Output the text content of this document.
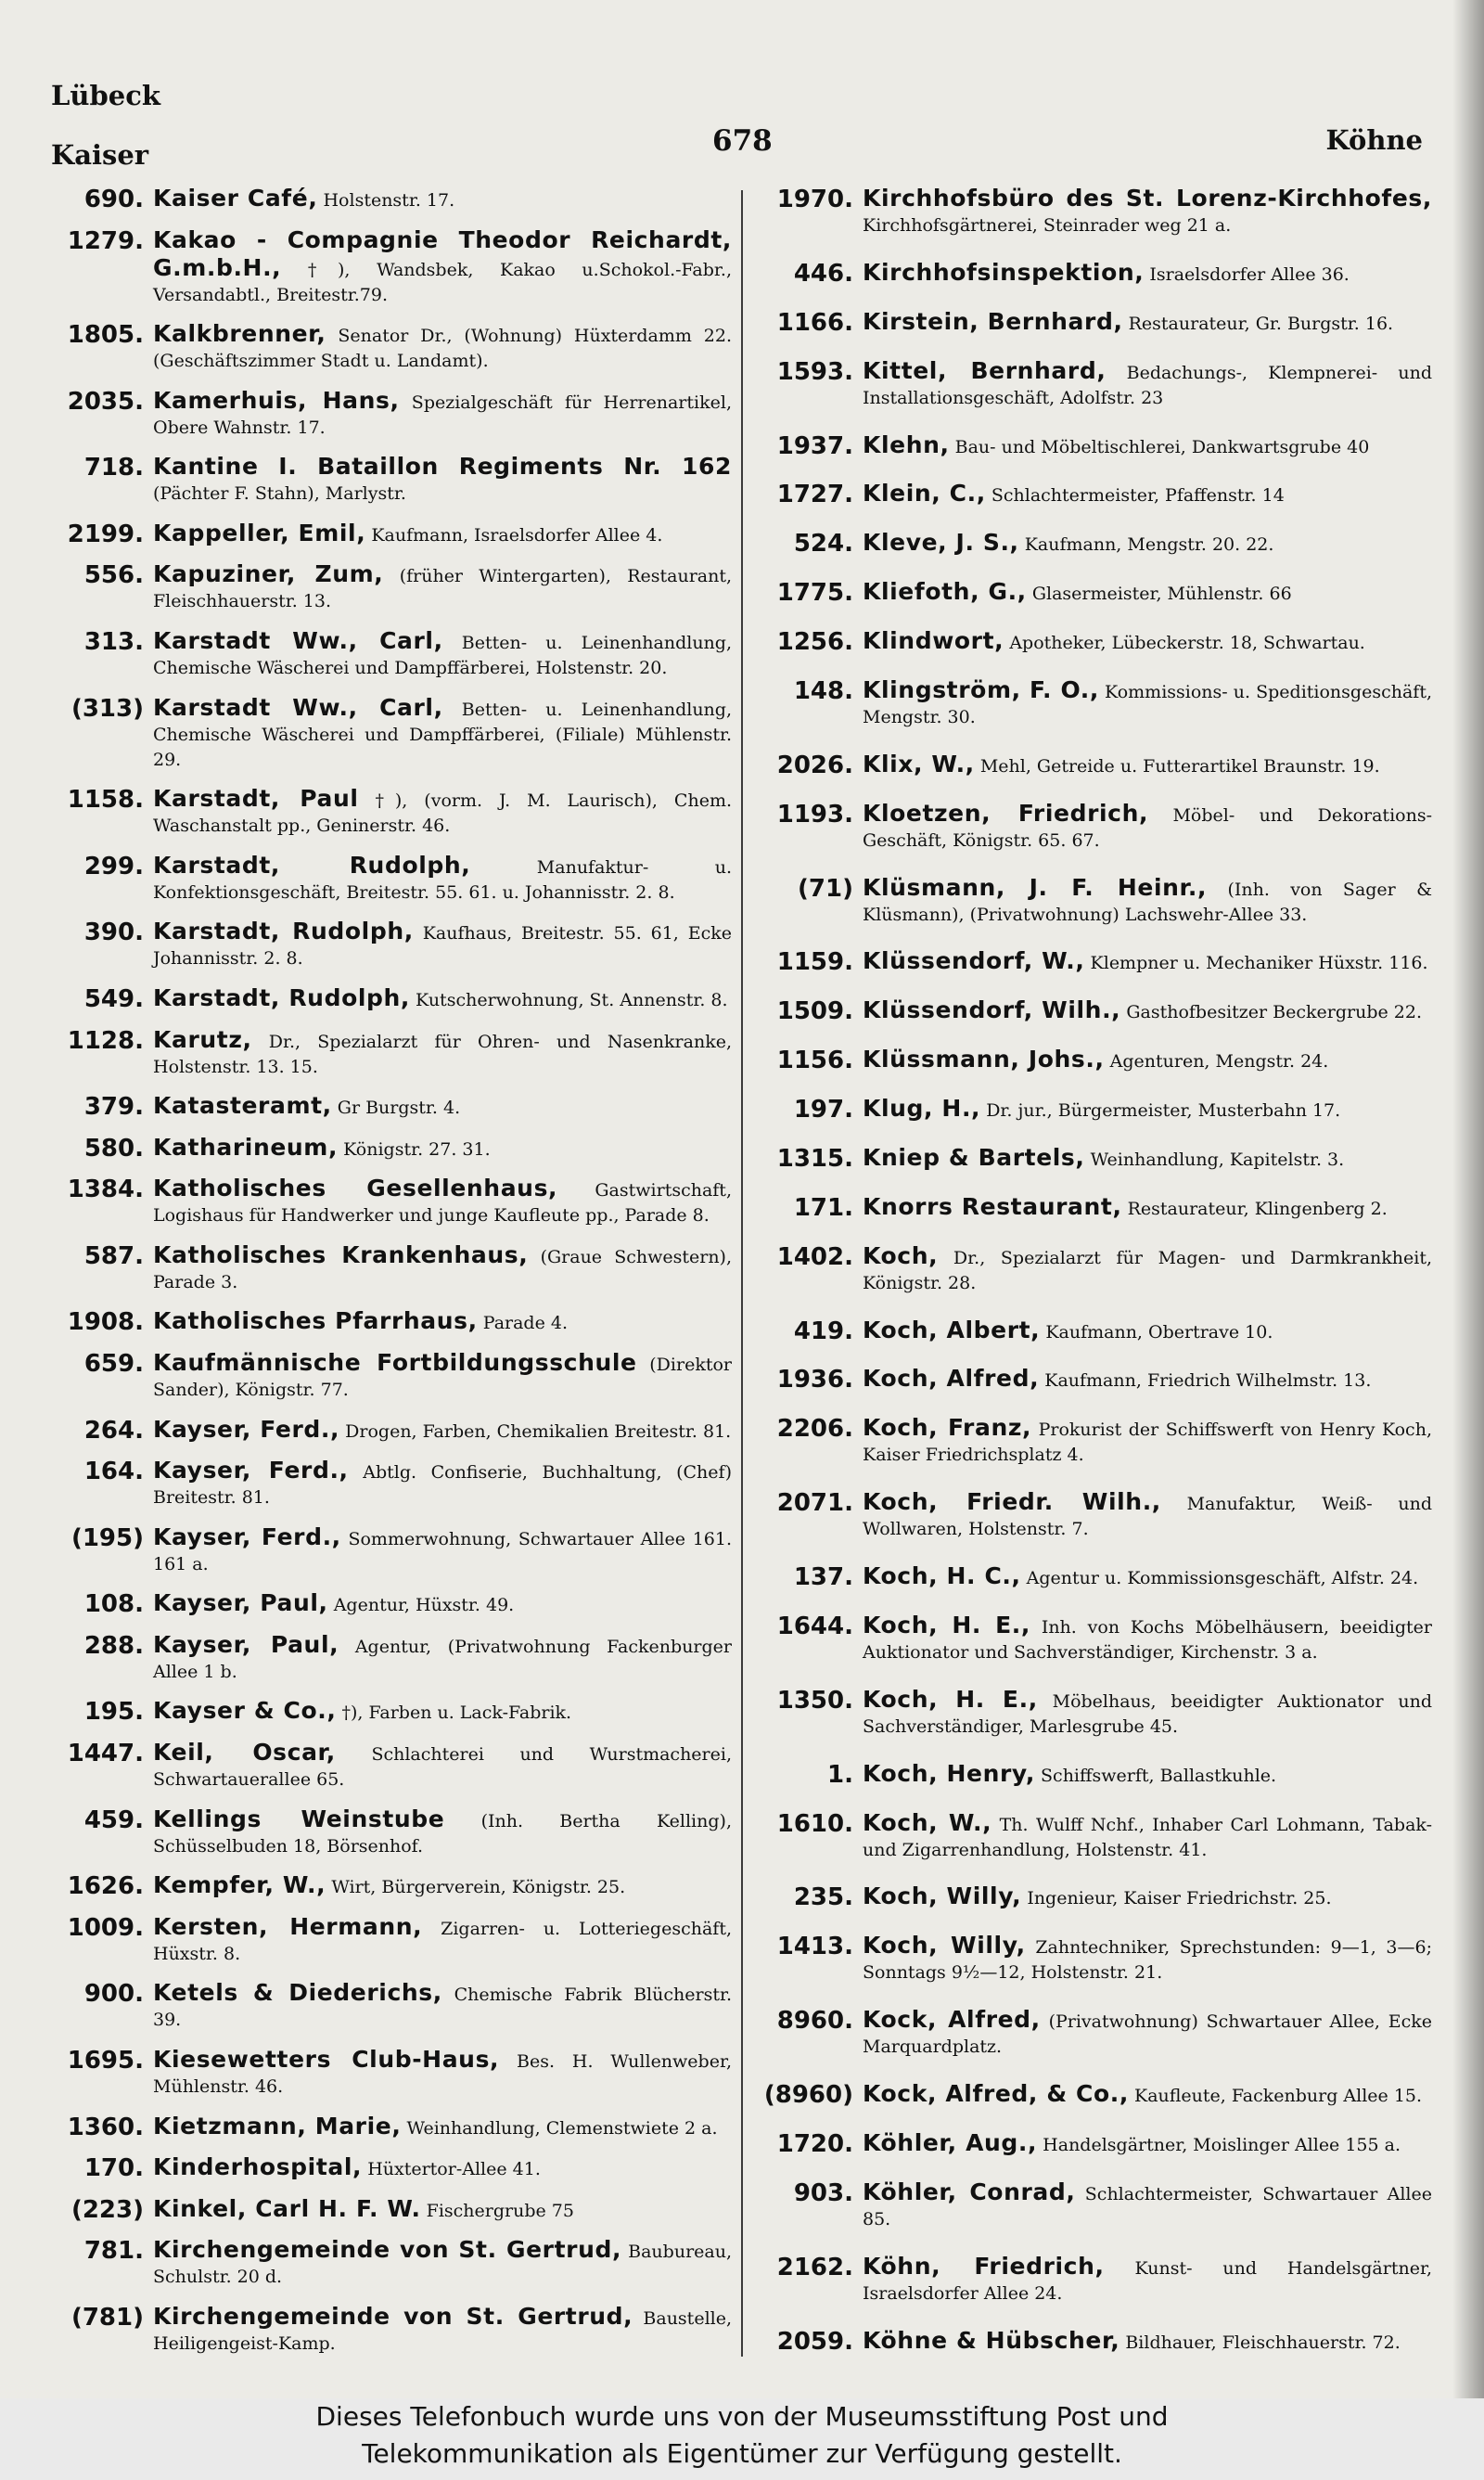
Lübeck
Kaiser	678	Köhne
690. Kaiser Café, Holstenstr. 17.
1279. Kakao - Compagnie Theodor Reichardt, G.m.b.H., †), Wandsbek, Kakao u.Schokol.-Fabr., Versandabtl., Breitestr.79.
1805. Kalkbrenner, Senator Dr., (Wohnung) Hüxterdamm 22. (Geschäftszimmer Stadt u. Landamt).
2035. Kamerhuis, Hans, Spezialgeschäft für Herrenartikel, Obere Wahnstr. 17.
718. Kantine I. Bataillon Regiments Nr. 162 (Pächter F. Stahn), Marlystr.
2199. Kappeller, Emil, Kaufmann, Israelsdorfer Allee 4.
556. Kapuziner, Zum, (früher Wintergarten), Restaurant, Fleischhauerstr. 13.
313. Karstadt Ww., Carl, Betten- u. Leinenhandlung, Chemische Wäscherei und Dampffärberei, Holstenstr. 20.
(313) Karstadt Ww., Carl, Betten- u. Leinenhandlung, Chemische Wäscherei und Dampffärberei, (Filiale) Mühlenstr. 29.
1158. Karstadt, Paul †), (vorm. J. M. Laurisch), Chem. Waschanstalt pp., Geninerstr. 46.
299. Karstadt, Rudolph,	Manufaktur- u. Konfektionsgeschäft, Breitestr. 55. 61. u. Johannisstr. 2. 8.
390. Karstadt, Rudolph, Kaufhaus, Breitestr. 55. 61, Ecke Johannisstr. 2. 8.
549. Karstadt, Rudolph, Kutscherwohnung, St. Annenstr. 8.
1128. Karutz, Dr., Spezialarzt für Ohren- und Nasenkranke, Holstenstr. 13. 15.
379. Katasteramt, Gr Burgstr. 4.
580. Katharineum, Königstr. 27. 31.
1384. Katholisches Gesellenhaus, Gastwirtschaft, Logishaus für Handwerker und junge Kaufleute pp., Parade 8.
587. Katholisches Krankenhaus, (Graue Schwestern), Parade 3.
1908. Katholisches Pfarrhaus, Parade 4.
659. Kaufmännische Fortbildungsschule (Direktor Sander), Königstr. 77.
264. Kayser, Ferd., Drogen, Farben, Chemikalien Breitestr. 81.
164. Kayser, Ferd., Abtlg. Confiserie, Buchhaltung, (Chef) Breitestr. 81.
(195) Kayser, Ferd., Sommerwohnung, Schwartauer Allee 161. 161 a.
108. Kayser, Paul, Agentur, Hüxstr. 49.
288. Kayser, Paul, Agentur, (Privatwohnung Fackenburger Allee 1 b.
195. Kayser & Co., †), Farben u. Lack-Fabrik.
1447. Keil, Oscar, Schlachterei und Wurstmacherei, Schwartauerallee 65.
459. Kellings Weinstube (Inh. Bertha Kelling), Schüsselbuden 18, Börsenhof.
1626. Kempfer, W., Wirt, Bürgerverein, Königstr. 25.
1009. Kersten, Hermann, Zigarren- u. Lotteriegeschäft, Hüxstr. 8.
900. Ketels & Diederichs, Chemische Fabrik Blücherstr. 39.
1695. Kiesewetters Club-Haus, Bes. H. Wullenweber, Mühlenstr. 46.
1360. Kietzmann, Marie, Weinhandlung, Clemenstwiete 2 a.
170. Kinderhospital, Hüxtertor-Allee 41.
(223) Kinkel, Carl H. F. W. Fischergrube 75
781. Kirchengemeinde von St. Gertrud, Baubureau, Schulstr. 20 d.
(781) Kirchengemeinde von St. Gertrud, Baustelle, Heiligengeist-Kamp.
1970. Kirchhofsbüro des St. Lorenz-Kirchhofes, Kirchhofsgärtnerei, Steinrader weg 21 a.
446. Kirchhofsinspektion, Israelsdorfer Allee 36.
1166. Kirstein, Bernhard, Restaurateur, Gr. Burgstr. 16.
1593. Kittel, Bernhard, Bedachungs-, Klempnerei- und Installationsgeschäft, Adolfstr. 23
1937. Klehn, Bau- und Möbeltischlerei, Dankwartsgrube 40
1727. Klein, C., Schlachtermeister, Pfaffenstr. 14
524. Kleve, J. S., Kaufmann, Mengstr. 20. 22.
1775. Kliefoth, G., Glasermeister, Mühlenstr. 66
1256. Klindwort, Apotheker, Lübeckerstr. 18, Schwartau.
148. Klingström, F. O., Kommissions- u. Speditionsgeschäft, Mengstr. 30.
2026. Klix, W., Mehl, Getreide u. Futterartikel Braunstr. 19.
1193. Kloetzen, Friedrich, Möbel- und Dekorations-Geschäft, Königstr. 65. 67.
(71) Klüsmann, J. F. Heinr., (Inh. von Sager & Klüsmann), (Privatwohnung) Lachswehr-Allee 33.
1159. Klüssendorf, W., Klempner u. Mechaniker Hüxstr. 116.
1509. Klüssendorf, Wilh., Gasthofbesitzer Beckergrube 22.
1156. Klüssmann, Johs., Agenturen, Mengstr. 24.
197. Klug, H., Dr. jur., Bürgermeister, Musterbahn 17.
1315. Kniep & Bartels, Weinhandlung, Kapitelstr. 3.
171. Knorrs Restaurant, Restaurateur, Klingenberg 2.
1402. Koch, Dr., Spezialarzt für Magen- und Darmkrankheit, Königstr. 28.
419. Koch, Albert, Kaufmann, Obertrave 10.
1936. Koch, Alfred, Kaufmann, Friedrich Wilhelmstr. 13.
2206. Koch, Franz, Prokurist der Schiffswerft von Henry Koch, Kaiser Friedrichsplatz 4.
2071. Koch, Friedr. Wilh., Manufaktur, Weiß- und Wollwaren, Holstenstr. 7.
137. Koch, H. C., Agentur u. Kommissionsgeschäft, Alfstr. 24.
1644. Koch, H. E., Inh. von Kochs Möbelhäusern, beeidigter Auktionator und Sachverständiger, Kirchenstr. 3 a.
1350. Koch, H. E., Möbelhaus, beeidigter Auktionator und Sachverständiger, Marlesgrube 45.
1. Koch, Henry, Schiffswerft, Ballastkuhle.
1610. Koch, W., Th. Wulff Nchf., Inhaber Carl Lohmann, Tabak- und Zigarrenhandlung, Holstenstr. 41.
235. Koch, Willy, Ingenieur, Kaiser Friedrichstr. 25.
1413. Koch, Willy, Zahntechniker, Sprechstunden: 9—1, 3—6; Sonntags 9½—12, Holstenstr. 21.
8960. Kock, Alfred, (Privatwohnung) Schwartauer Allee, Ecke Marquardplatz.
(8960) Kock, Alfred, & Co., Kaufleute, Fackenburg Allee 15.
1720. Köhler, Aug., Handelsgärtner, Moislinger Allee 155 a.
903. Köhler, Conrad, Schlachtermeister, Schwartauer Allee 85.
2162. Köhn, Friedrich, Kunst- und Handelsgärtner, Israelsdorfer Allee 24.
2059. Köhne & Hübscher, Bildhauer, Fleischhauerstr. 72.
Dieses Telefonbuch wurde uns von der Museumsstiftung Post und
Telekommunikation als Eigentümer zur Verfügung gestellt.
